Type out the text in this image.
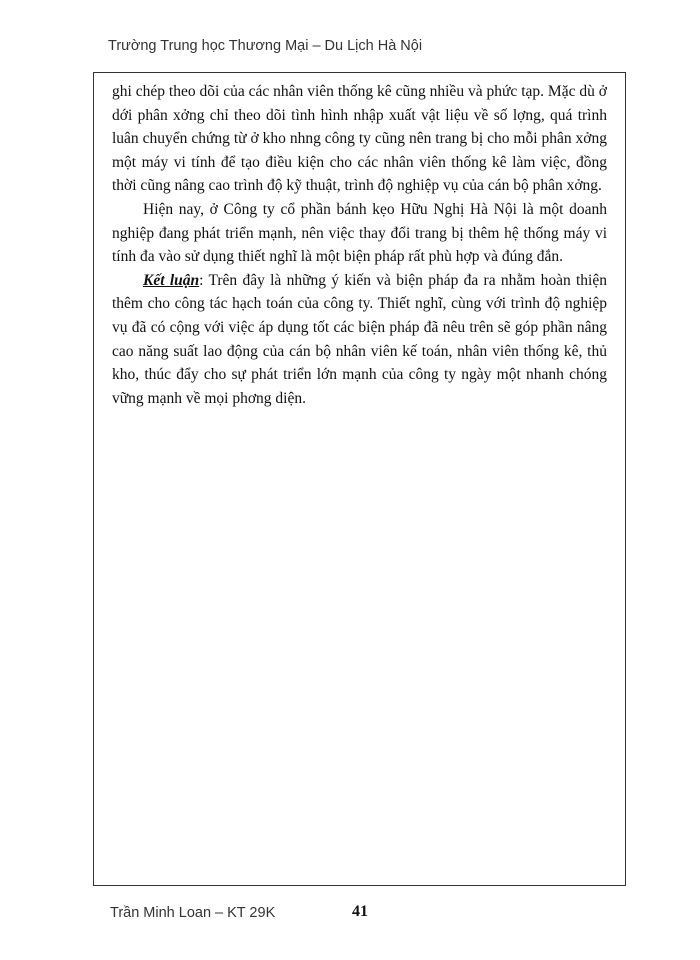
Trường Trung học Thương Mại – Du Lịch Hà Nội

ghi chép theo dõi của các nhân viên thống kê cũng nhiều và phức tạp. Mặc dù ở dới phân xởng chỉ theo dõi tình hình nhập xuất vật liệu về số lợng, quá trình luân chuyển chứng từ ở kho nhng công ty cũng nên trang bị cho mỗi phân xởng một máy vi tính để tạo điều kiện cho các nhân viên thống kê làm việc, đồng thời cũng nâng cao trình độ kỹ thuật, trình độ nghiệp vụ của cán bộ phân xởng.

Hiện nay, ở Công ty cổ phần bánh kẹo Hữu Nghị Hà Nội là một doanh nghiệp đang phát triển mạnh, nên việc thay đổi trang bị thêm hệ thống máy vi tính đa vào sử dụng thiết nghĩ là một biện pháp rất phù hợp và đúng đắn.

Kết luận: Trên đây là những ý kiến và biện pháp đa ra nhằm hoàn thiện thêm cho công tác hạch toán của công ty. Thiết nghĩ, cùng với trình độ nghiệp vụ đã có cộng với việc áp dụng tốt các biện pháp đã nêu trên sẽ góp phần nâng cao năng suất lao động của cán bộ nhân viên kế toán, nhân viên thống kê, thủ kho, thúc đẩy cho sự phát triển lớn mạnh của công ty ngày một nhanh chóng vững mạnh về mọi phơng diện.

Trần Minh Loan – KT 29K	41
